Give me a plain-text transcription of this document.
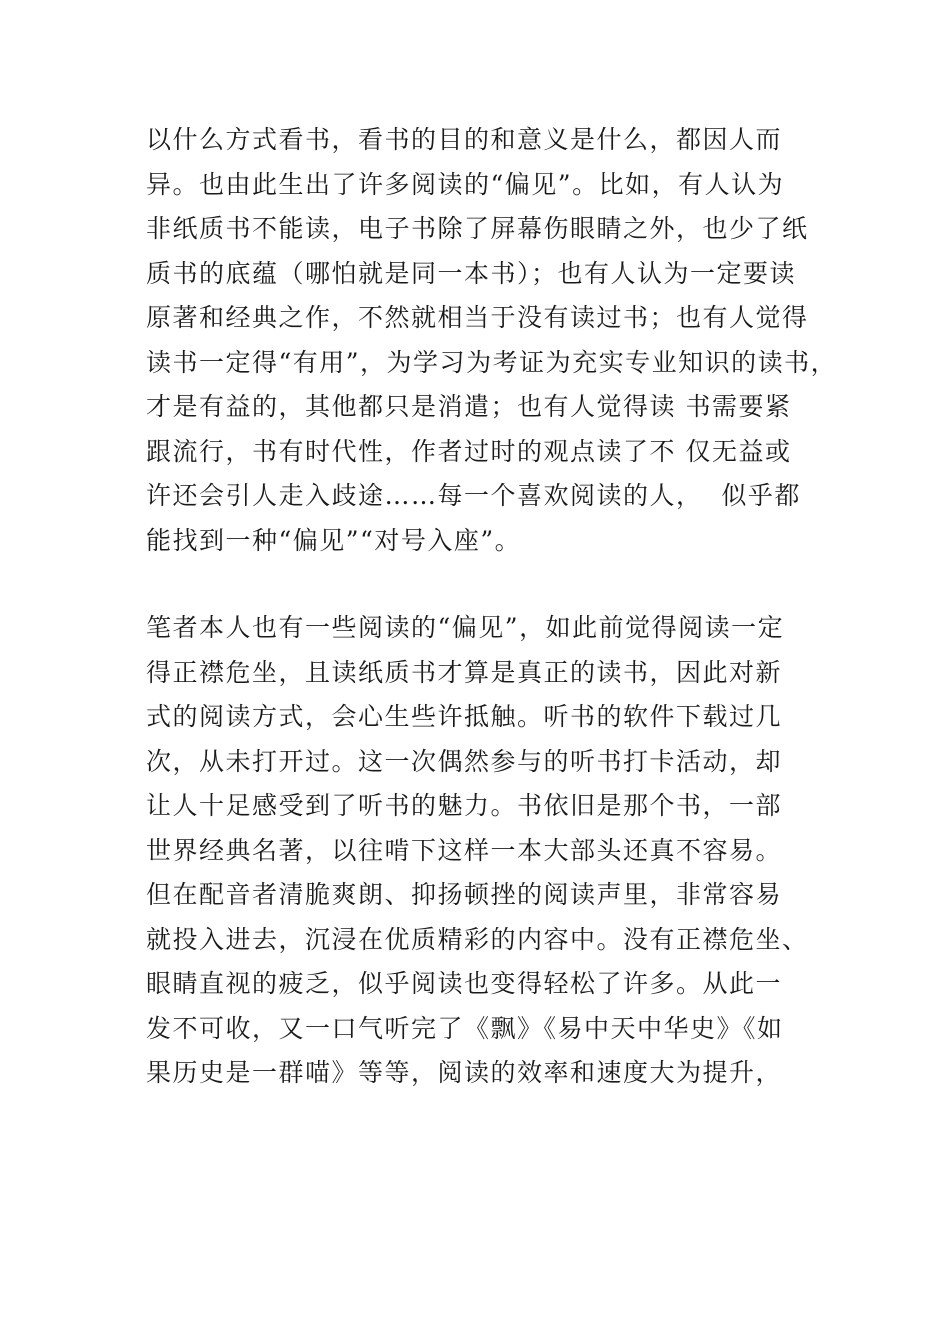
以什么方式看书，看书的目的和意义是什么，都因人而
异。也由此生出了许多阅读的“偏见”。比如，有人认为
非纸质书不能读，电子书除了屏幕伤眼睛之外，也少了纸
质书的底蕴（哪怕就是同一本书）；也有人认为一定要读
原著和经典之作，不然就相当于没有读过书；也有人觉得
读书一定得“有用”，为学习为考证为充实专业知识的读书，
才是有益的，其他都只是消遣；也有人觉得读 书需要紧
跟流行，书有时代性，作者过时的观点读了不 仅无益或
许还会引人走入歧途……每一个喜欢阅读的人，  似乎都
能找到一种“偏见”“对号入座”。
笔者本人也有一些阅读的“偏见”，如此前觉得阅读一定
得正襟危坐，且读纸质书才算是真正的读书，因此对新
式的阅读方式，会心生些许抵触。听书的软件下载过几
次，从未打开过。这一次偶然参与的听书打卡活动，却
让人十足感受到了听书的魅力。书依旧是那个书，一部
世界经典名著，以往啃下这样一本大部头还真不容易。
但在配音者清脆爽朗、抑扬顿挫的阅读声里，非常容易
就投入进去，沉浸在优质精彩的内容中。没有正襟危坐、
眼睛直视的疲乏，似乎阅读也变得轻松了许多。从此一
发不可收，又一口气听完了《飘》《易中天中华史》《如
果历史是一群喵》等等，阅读的效率和速度大为提升，
